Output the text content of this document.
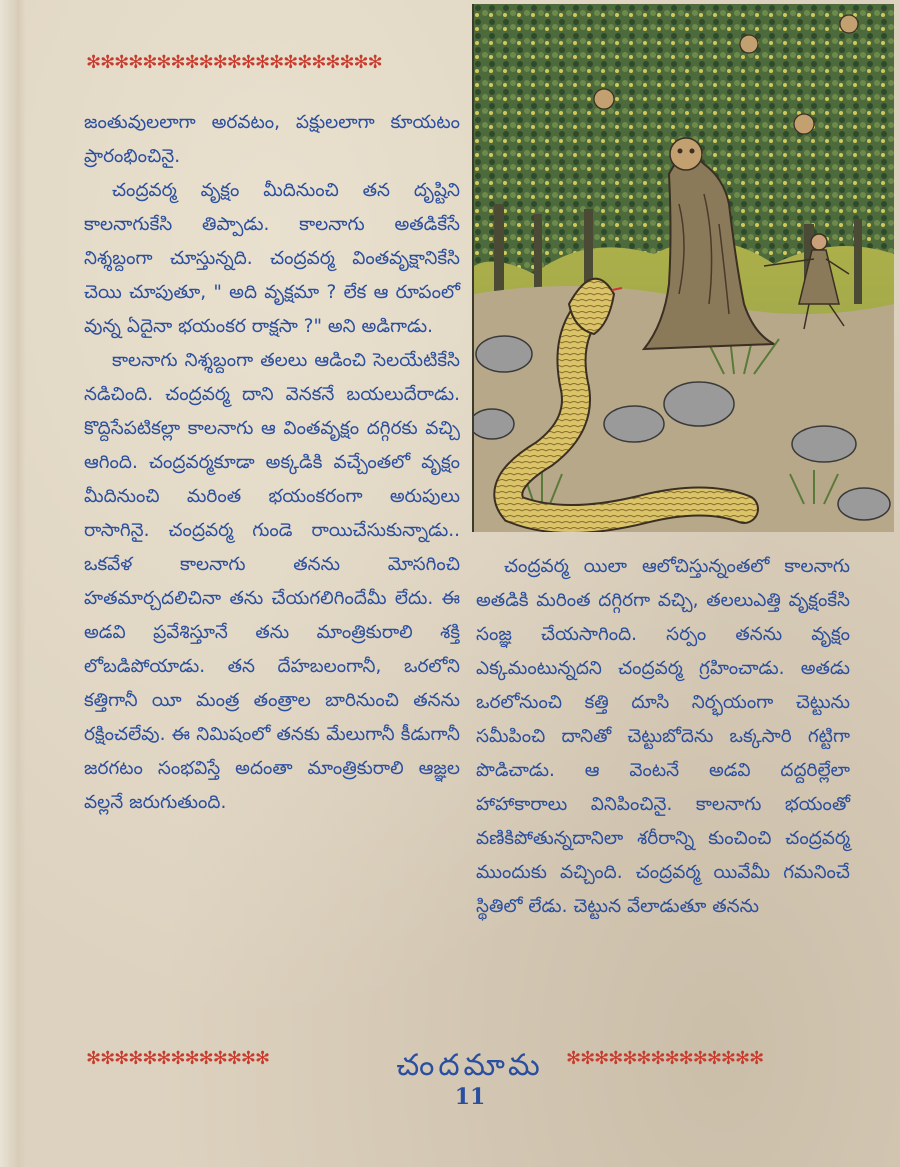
✻✻✻✻✻✻✻✻✻✻✻✻✻✻✻✻✻✻✻✻✻

జంతువులలాగా అరవటం, పక్షులలాగా కూయటం ప్రారంభించినై.

చంద్రవర్మ వృక్షం మీదినుంచి తన దృష్టిని కాలనాగుకేసి తిప్పాడు. కాలనాగు అతడికేసే నిశ్శబ్దంగా చూస్తున్నది. చంద్రవర్మ వింతవృక్షానికేసి చెయి చూపుతూ, " అది వృక్షమా ? లేక ఆ రూపంలో వున్న ఏదైనా భయంకర రాక్షసా ?" అని అడిగాడు.

కాలనాగు నిశ్శబ్దంగా తలలు ఆడించి సెలయేటికేసి నడిచింది. చంద్రవర్మ దాని వెనకనే బయలుదేరాడు. కొద్దిసేపటికల్లా కాలనాగు ఆ వింతవృక్షం దగ్గిరకు వచ్చి ఆగింది. చంద్రవర్మకూడా అక్కడికి వచ్చేంతలో వృక్షం మీదినుంచి మరింత భయంకరంగా అరుపులు రాసాగినై. చంద్రవర్మ గుండె రాయిచేసుకున్నాడు.. ఒకవేళ కాలనాగు తనను మోసగించి హతమార్చదలిచినా తను చేయగలిగిందేమీ లేదు. ఈ అడవి ప్రవేశిస్తూనే తను మాంత్రికురాలి శక్తి లోబడిపోయాడు. తన దేహబలంగానీ, ఒరలోని కత్తిగానీ యీ మంత్ర తంత్రాల బారినుంచి తనను రక్షించలేవు. ఈ నిమిషంలో తనకు మేలుగానీ కీడుగానీ జరగటం సంభవిస్తే అదంతా మాంత్రికురాలి ఆజ్ఞల వల్లనే జరుగుతుంది.

చంద్రవర్మ యిలా ఆలోచిస్తున్నంతలో కాలనాగు అతడికి మరింత దగ్గిరగా వచ్చి, తలలుఎత్తి వృక్షంకేసి సంజ్ఞ చేయసాగింది. సర్పం తనను వృక్షం ఎక్కమంటున్నదని చంద్రవర్మ గ్రహించాడు. అతడు ఒరలోనుంచి కత్తి దూసి నిర్భయంగా చెట్టును సమీపించి దానితో చెట్టుబోదెను ఒక్కసారి గట్టిగా పొడిచాడు. ఆ వెంటనే అడవి దద్దరిల్లేలా హాహాకారాలు వినిపించినై. కాలనాగు భయంతో వణికిపోతున్నదానిలా శరీరాన్ని కుంచించి చంద్రవర్మ ముందుకు వచ్చింది. చంద్రవర్మ యివేమీ గమనించే స్థితిలో లేడు. చెట్టున వేలాడుతూ తనను

✻✻✻✻✻✻✻✻✻✻✻✻✻	చందమామ	✻✻✻✻✻✻✻✻✻✻✻✻✻✻
11
